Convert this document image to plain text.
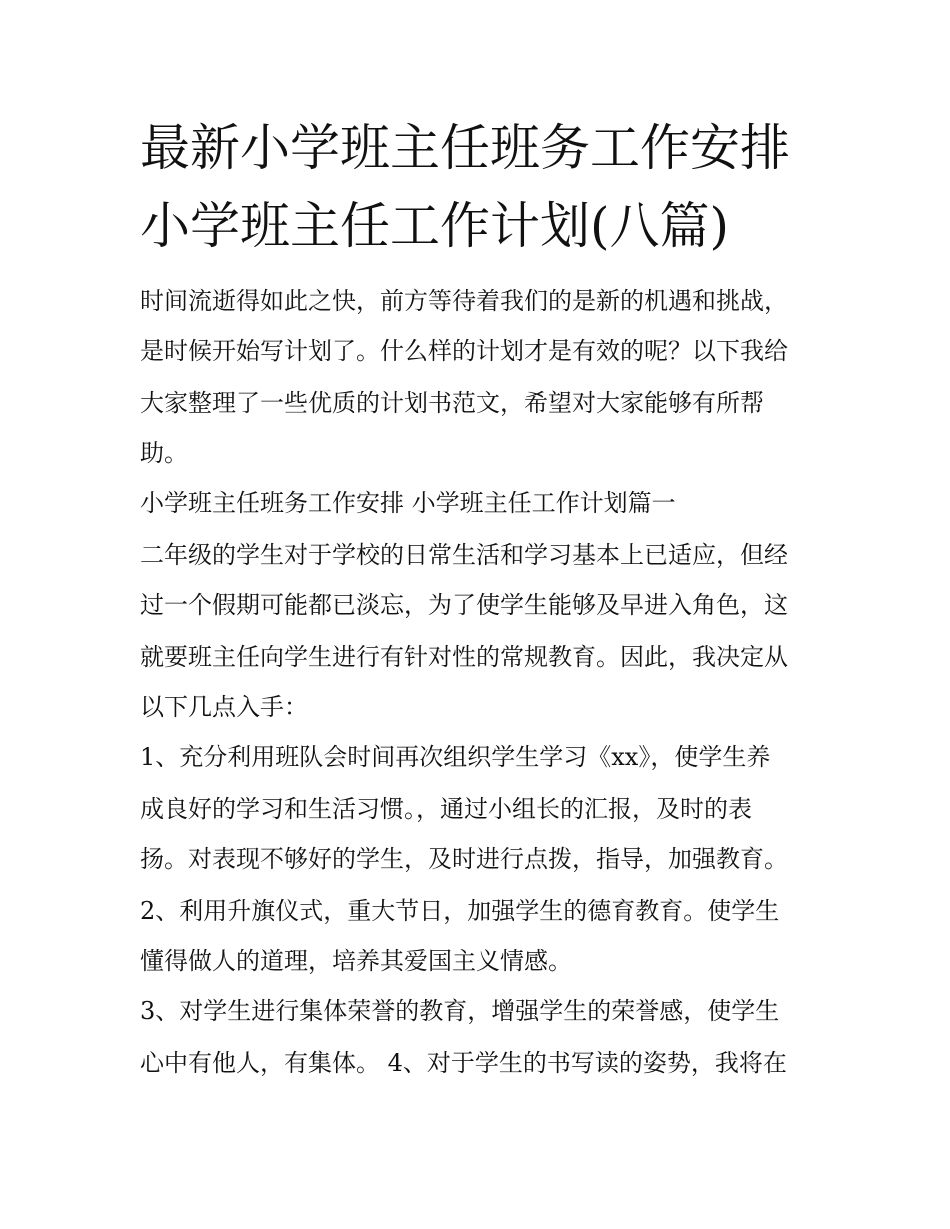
最新小学班主任班务工作安排
小学班主任工作计划(八篇)
时间流逝得如此之快，前方等待着我们的是新的机遇和挑战，
是时候开始写计划了。什么样的计划才是有效的呢？以下我给
大家整理了一些优质的计划书范文，希望对大家能够有所帮
助。
小学班主任班务工作安排 小学班主任工作计划篇一
二年级的学生对于学校的日常生活和学习基本上已适应，但经
过一个假期可能都已淡忘，为了使学生能够及早进入角色，这
就要班主任向学生进行有针对性的常规教育。因此，我决定从
以下几点入手：
1、充分利用班队会时间再次组织学生学习《xx》，使学生养
成良好的学习和生活习惯。，通过小组长的汇报，及时的表
扬。对表现不够好的学生，及时进行点拨，指导，加强教育。
2、利用升旗仪式，重大节日，加强学生的德育教育。使学生
懂得做人的道理，培养其爱国主义情感。
3、对学生进行集体荣誉的教育，增强学生的荣誉感，使学生
心中有他人，有集体。 4、对于学生的书写读的姿势，我将在
